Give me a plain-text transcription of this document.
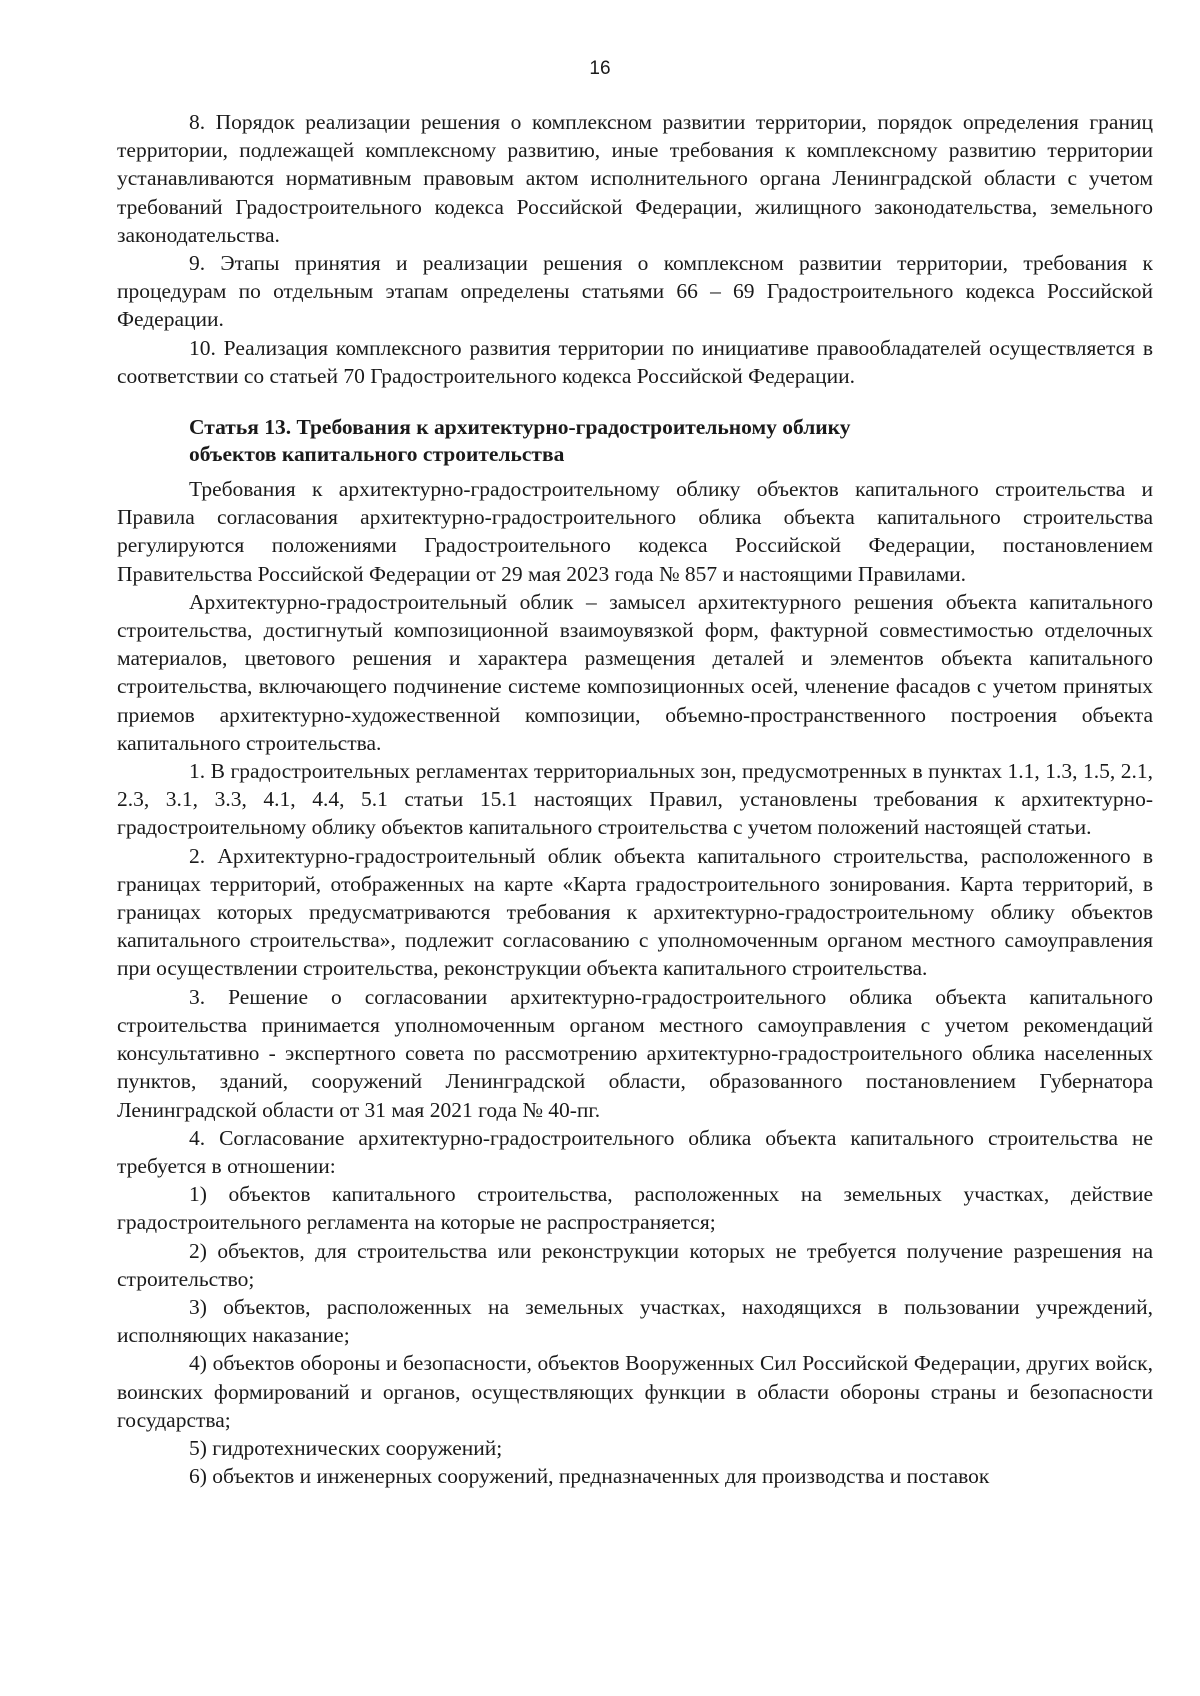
16

8. Порядок реализации решения о комплексном развитии территории, порядок определения границ территории, подлежащей комплексному развитию, иные требования к комплексному развитию территории устанавливаются нормативным правовым актом исполнительного органа Ленинградской области с учетом требований Градостроительного кодекса Российской Федерации, жилищного законодательства, земельного законодательства.

9. Этапы принятия и реализации решения о комплексном развитии территории, требования к процедурам по отдельным этапам определены статьями 66 – 69 Градостроительного кодекса Российской Федерации.

10. Реализация комплексного развития территории по инициативе правообладателей осуществляется в соответствии со статьей 70 Градостроительного кодекса Российской Федерации.

Статья 13. Требования к архитектурно-градостроительному облику
объектов капитального строительства

Требования к архитектурно-градостроительному облику объектов капитального строительства и Правила согласования архитектурно-градостроительного облика объекта капитального строительства регулируются положениями Градостроительного кодекса Российской Федерации, постановлением Правительства Российской Федерации от 29 мая 2023 года № 857 и настоящими Правилами.

Архитектурно-градостроительный облик – замысел архитектурного решения объекта капитального строительства, достигнутый композиционной взаимоувязкой форм, фактурной совместимостью отделочных материалов, цветового решения и характера размещения деталей и элементов объекта капитального строительства, включающего подчинение системе композиционных осей, членение фасадов с учетом принятых приемов архитектурно-художественной композиции, объемно-пространственного построения объекта капитального строительства.

1. В градостроительных регламентах территориальных зон, предусмотренных в пунктах 1.1, 1.3, 1.5, 2.1, 2.3, 3.1, 3.3, 4.1, 4.4, 5.1 статьи 15.1 настоящих Правил, установлены требования к архитектурно-градостроительному облику объектов капитального строительства с учетом положений настоящей статьи.

2. Архитектурно-градостроительный облик объекта капитального строительства, расположенного в границах территорий, отображенных на карте «Карта градостроительного зонирования. Карта территорий, в границах которых предусматриваются требования к архитектурно-градостроительному облику объектов капитального строительства», подлежит согласованию с уполномоченным органом местного самоуправления при осуществлении строительства, реконструкции объекта капитального строительства.

3. Решение о согласовании архитектурно-градостроительного облика объекта капитального строительства принимается уполномоченным органом местного самоуправления с учетом рекомендаций консультативно - экспертного совета по рассмотрению архитектурно-градостроительного облика населенных пунктов, зданий, сооружений Ленинградской области, образованного постановлением Губернатора Ленинградской области от 31 мая 2021 года № 40-пг.

4. Согласование архитектурно-градостроительного облика объекта капитального строительства не требуется в отношении:

1) объектов капитального строительства, расположенных на земельных участках, действие градостроительного регламента на которые не распространяется;

2) объектов, для строительства или реконструкции которых не требуется получение разрешения на строительство;

3) объектов, расположенных на земельных участках, находящихся в пользовании учреждений, исполняющих наказание;

4) объектов обороны и безопасности, объектов Вооруженных Сил Российской Федерации, других войск, воинских формирований и органов, осуществляющих функции в области обороны страны и безопасности государства;

5) гидротехнических сооружений;

6) объектов и инженерных сооружений, предназначенных для производства и поставок
